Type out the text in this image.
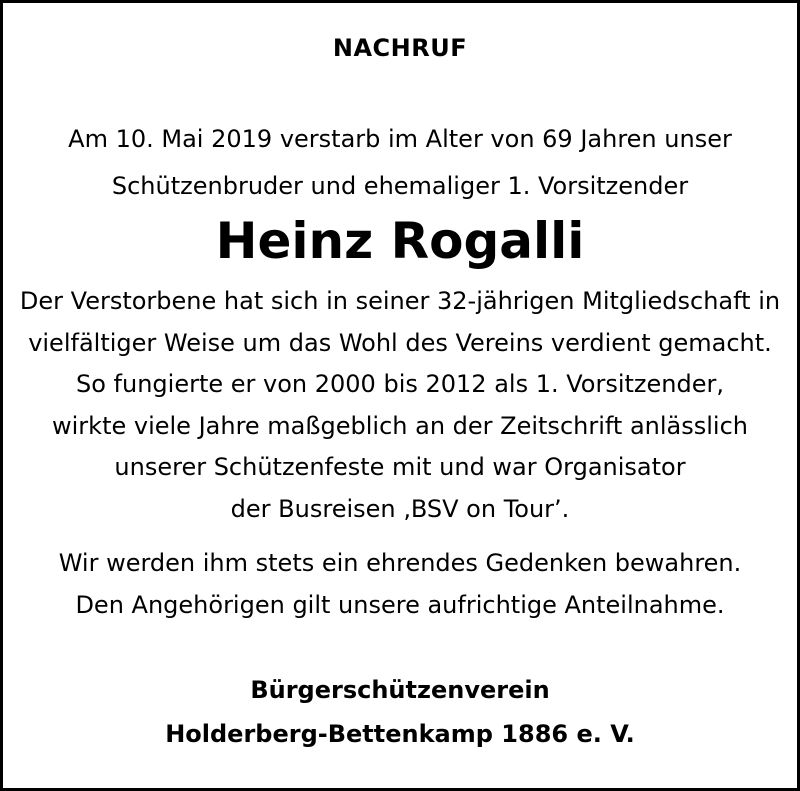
NACHRUF
Am 10. Mai 2019 verstarb im Alter von 69 Jahren unser
Schützenbruder und ehemaliger 1. Vorsitzender
Heinz Rogalli
Der Verstorbene hat sich in seiner 32-jährigen Mitgliedschaft in
vielfältiger Weise um das Wohl des Vereins verdient gemacht.
So fungierte er von 2000 bis 2012 als 1. Vorsitzender,
wirkte viele Jahre maßgeblich an der Zeitschrift anlässlich
unserer Schützenfeste mit und war Organisator
der Busreisen ‚BSV on Tour’.
Wir werden ihm stets ein ehrendes Gedenken bewahren.
Den Angehörigen gilt unsere aufrichtige Anteilnahme.
Bürgerschützenverein
Holderberg-Bettenkamp 1886 e. V.
